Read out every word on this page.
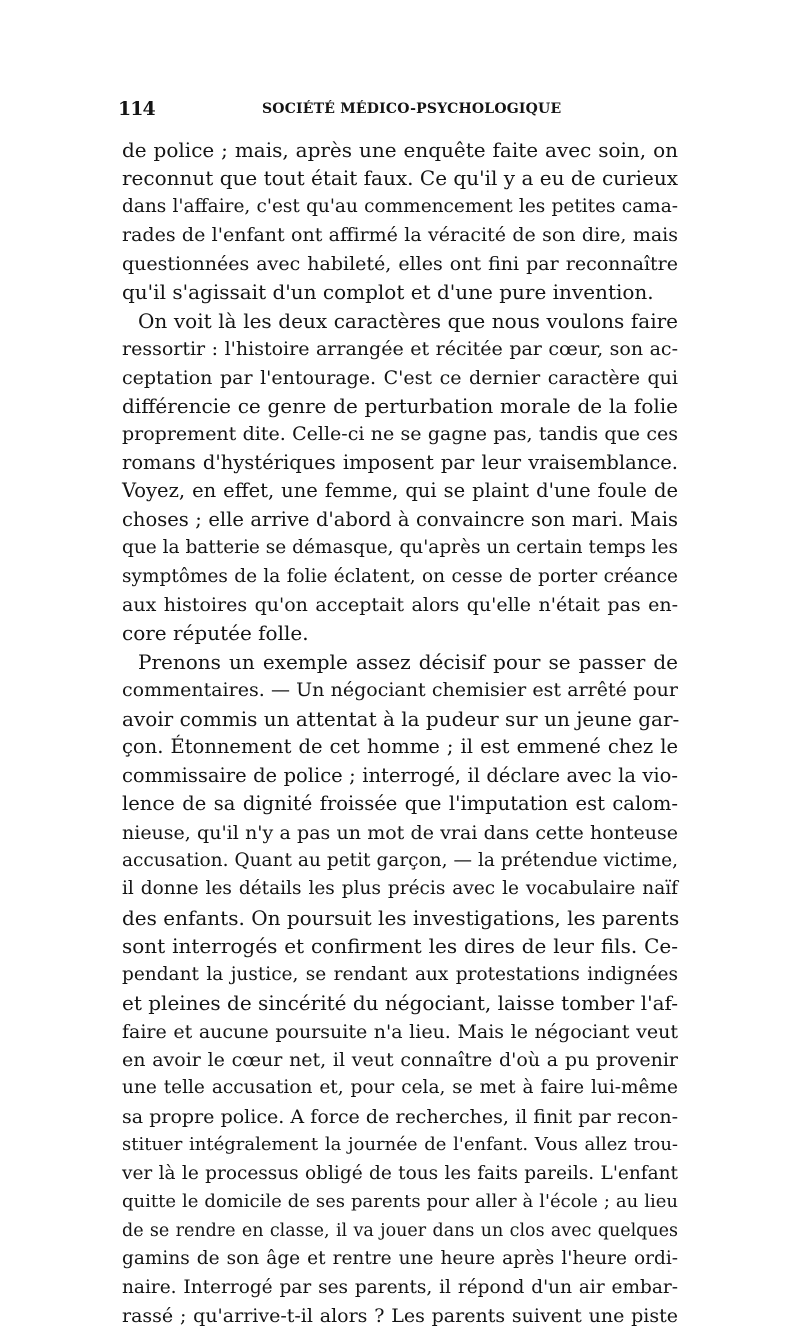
114	SOCIÉTÉ MÉDICO-PSYCHOLOGIQUE
de police ; mais, après une enquête faite avec soin, on
reconnut que tout était faux. Ce qu'il y a eu de curieux
dans l'affaire, c'est qu'au commencement les petites cama-
rades de l'enfant ont affirmé la véracité de son dire, mais
questionnées avec habileté, elles ont fini par reconnaître
qu'il s'agissait d'un complot et d'une pure invention.
On voit là les deux caractères que nous voulons faire
ressortir : l'histoire arrangée et récitée par cœur, son ac-
ceptation par l'entourage. C'est ce dernier caractère qui
différencie ce genre de perturbation morale de la folie
proprement dite. Celle-ci ne se gagne pas, tandis que ces
romans d'hystériques imposent par leur vraisemblance.
Voyez, en effet, une femme, qui se plaint d'une foule de
choses ; elle arrive d'abord à convaincre son mari. Mais
que la batterie se démasque, qu'après un certain temps les
symptômes de la folie éclatent, on cesse de porter créance
aux histoires qu'on acceptait alors qu'elle n'était pas en-
core réputée folle.
Prenons un exemple assez décisif pour se passer de
commentaires. — Un négociant chemisier est arrêté pour
avoir commis un attentat à la pudeur sur un jeune gar-
çon. Étonnement de cet homme ; il est emmené chez le
commissaire de police ; interrogé, il déclare avec la vio-
lence de sa dignité froissée que l'imputation est calom-
nieuse, qu'il n'y a pas un mot de vrai dans cette honteuse
accusation. Quant au petit garçon, — la prétendue victime,
il donne les détails les plus précis avec le vocabulaire naïf
des enfants. On poursuit les investigations, les parents
sont interrogés et confirment les dires de leur fils. Ce-
pendant la justice, se rendant aux protestations indignées
et pleines de sincérité du négociant, laisse tomber l'af-
faire et aucune poursuite n'a lieu. Mais le négociant veut
en avoir le cœur net, il veut connaître d'où a pu provenir
une telle accusation et, pour cela, se met à faire lui-même
sa propre police. A force de recherches, il finit par recon-
stituer intégralement la journée de l'enfant. Vous allez trou-
ver là le processus obligé de tous les faits pareils. L'enfant
quitte le domicile de ses parents pour aller à l'école ; au lieu
de se rendre en classe, il va jouer dans un clos avec quelques
gamins de son âge et rentre une heure après l'heure ordi-
naire. Interrogé par ses parents, il répond d'un air embar-
rassé ; qu'arrive-t-il alors ? Les parents suivent une piste
